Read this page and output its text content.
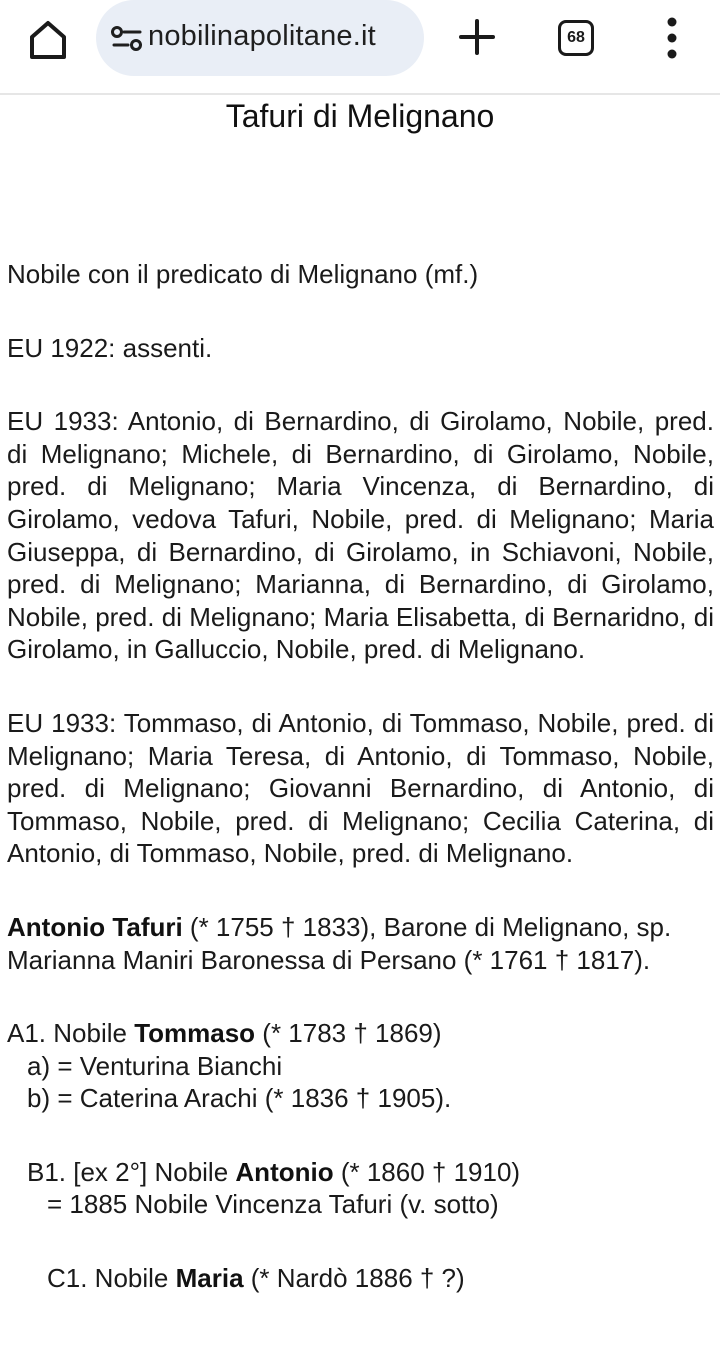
nobilinapolitane.it	68
Tafuri di Melignano

Nobile con il predicato di Melignano (mf.)

EU 1922: assenti.

EU 1933: Antonio, di Bernardino, di Girolamo, Nobile, pred. di Melignano; Michele, di Bernardino, di Girolamo, Nobile, pred. di Melignano; Maria Vincenza, di Bernardino, di Girolamo, vedova Tafuri, Nobile, pred. di Melignano; Maria Giuseppa, di Bernardino, di Girolamo, in Schiavoni, Nobile, pred. di Melignano; Marianna, di Bernardino, di Girolamo, Nobile, pred. di Melignano; Maria Elisabetta, di Bernaridno, di Girolamo, in Galluccio, Nobile, pred. di Melignano.

EU 1933: Tommaso, di Antonio, di Tommaso, Nobile, pred. di Melignano; Maria Teresa, di Antonio, di Tommaso, Nobile, pred. di Melignano; Giovanni Bernardino, di Antonio, di Tommaso, Nobile, pred. di Melignano; Cecilia Caterina, di Antonio, di Tommaso, Nobile, pred. di Melignano.

Antonio Tafuri (* 1755 † 1833), Barone di Melignano, sp. Marianna Maniri Baronessa di Persano (* 1761 † 1817).

A1. Nobile Tommaso (* 1783 † 1869)
a) = Venturina Bianchi
b) = Caterina Arachi (* 1836 † 1905).
B1. [ex 2°] Nobile Antonio (* 1860 † 1910)
= 1885 Nobile Vincenza Tafuri (v. sotto)
C1. Nobile Maria (* Nardò 1886 † ?)
